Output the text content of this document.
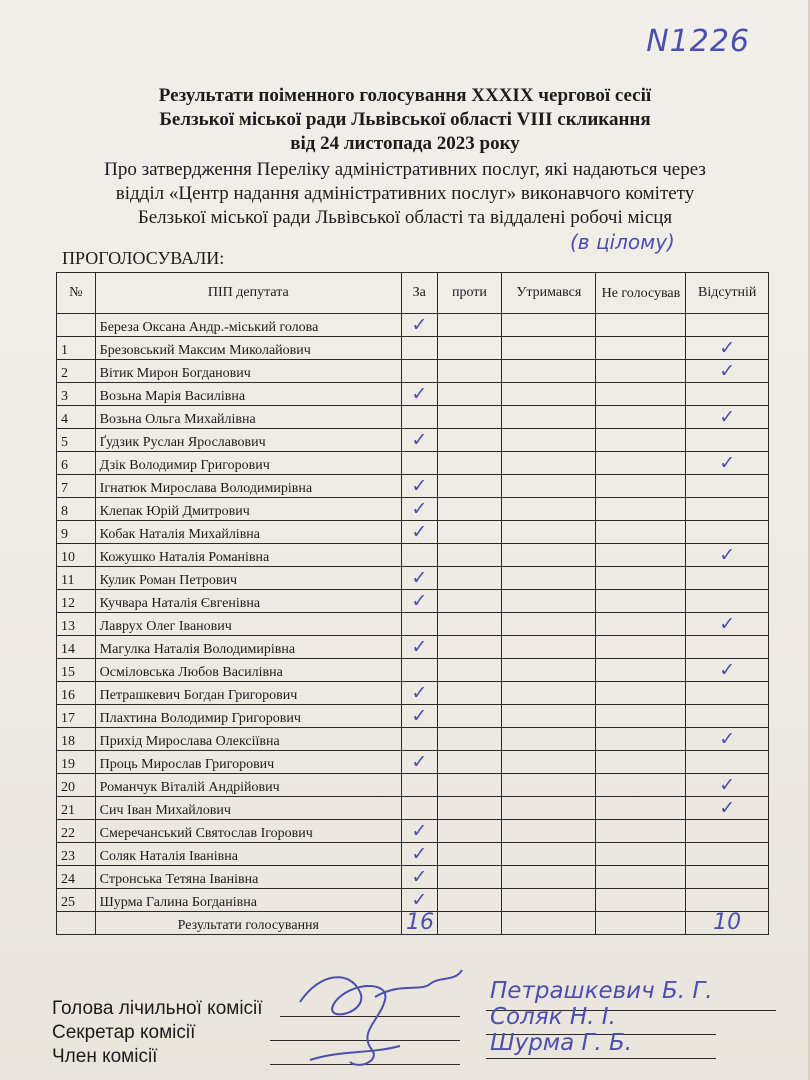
N1226
Результати поіменного голосування XXXIX чергової сесії
Белзької міської ради Львівської області VIII скликання
від 24 листопада 2023 року
Про затвердження Переліку адміністративних послуг, які надаються через
відділ «Центр надання адміністративних послуг» виконавчого комітету
Белзької міської ради Львівської області та віддалені робочі місця
(в цілому)
ПРОГОЛОСУВАЛИ:
№	ПІП депутата	За	проти	Утримався	Не голосував	Відсутній
	Береза Оксана Андр.-міський голова	✓				
1	Брезовський Максим Миколайович					✓
2	Вітик Мирон Богданович					✓
3	Возьна Марія Василівна	✓				
4	Возьна Ольга Михайлівна					✓
5	Ґудзик Руслан Ярославович	✓				
6	Дзік Володимир Григорович					✓
7	Ігнатюк Мирослава Володимирівна	✓				
8	Клепак Юрій Дмитрович	✓				
9	Кобак Наталія Михайлівна	✓				
10	Кожушко Наталія Романівна					✓
11	Кулик Роман Петрович	✓				
12	Кучвара Наталія Євгенівна	✓				
13	Лаврух Олег Іванович					✓
14	Магулка Наталія Володимирівна	✓				
15	Осміловська Любов Василівна					✓
16	Петрашкевич Богдан Григорович	✓				
17	Плахтина Володимир Григорович	✓				
18	Прихід Мирослава Олексіївна					✓
19	Проць Мирослав Григорович	✓				
20	Романчук Віталій Андрійович					✓
21	Сич Іван Михайлович					✓
22	Смеречанський Святослав Ігорович	✓				
23	Соляк Наталія Іванівна	✓				
24	Стронська Тетяна Іванівна	✓				
25	Шурма Галина Богданівна	✓				
	Результати голосування	16				10
Голова лічильної комісії
Секретар комісії
Член комісії
Петрашкевич Б. Г.
Соляк Н. І.
Шурма Г. Б.
